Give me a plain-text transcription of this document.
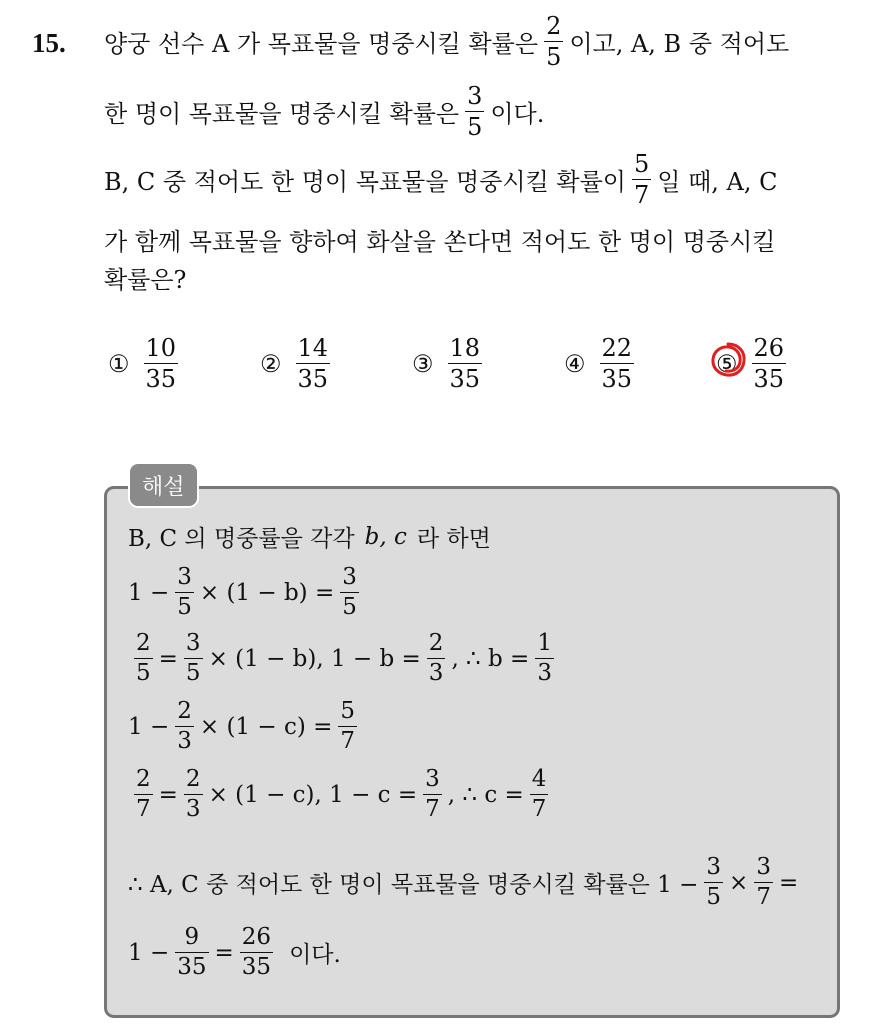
15. 양궁 선수 A 가 목표물을 명중시킬 확률은 $\frac{2}{5}$ 이고, A, B 중 적어도
한 명이 목표물을 명중시킬 확률은 $\frac{3}{5}$ 이다.
B, C 중 적어도 한 명이 목표물을 명중시킬 확률이 $\frac{5}{7}$ 일 때, A, C
가 함께 목표물을 향하여 화살을 쏜다면 적어도 한 명이 명중시킬
확률은?
① $\frac{10}{35}$	② $\frac{14}{35}$	③ $\frac{18}{35}$	④ $\frac{22}{35}$	⑤ $\frac{26}{35}$
해설
B, C 의 명중률을 각각 b, c 라 하면
$1 - \frac{3}{5} \times (1 - b) = \frac{3}{5}$
$\frac{2}{5} = \frac{3}{5} \times (1 - b)$, $1 - b = \frac{2}{3}$ , ∴ $b = \frac{1}{3}$
$1 - \frac{2}{3} \times (1 - c) = \frac{5}{7}$
$\frac{2}{7} = \frac{2}{3} \times (1 - c)$, $1 - c = \frac{3}{7}$ , ∴ $c = \frac{4}{7}$
∴ A, C 중 적어도 한 명이 목표물을 명중시킬 확률은 $1 - \frac{3}{5} \times \frac{3}{7}$ =
$1 - \frac{9}{35} = \frac{26}{35}$ 이다.
